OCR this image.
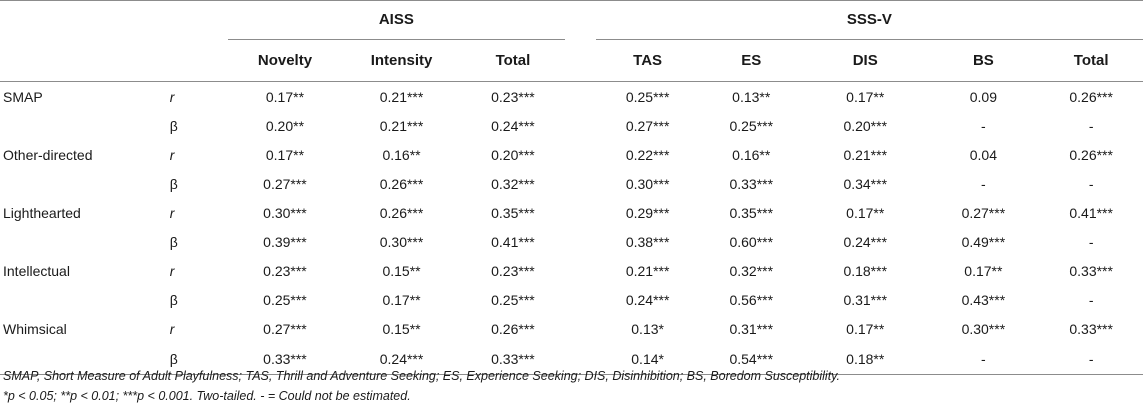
		AISS				SSS-V				
		Novelty	Intensity	Total		TAS	ES	DIS	BS	Total
SMAP	r	0.17**	0.21***	0.23***		0.25***	0.13**	0.17**	0.09	0.26***
	β	0.20**	0.21***	0.24***		0.27***	0.25***	0.20***	-	-
Other-directed	r	0.17**	0.16**	0.20***		0.22***	0.16**	0.21***	0.04	0.26***
	β	0.27***	0.26***	0.32***		0.30***	0.33***	0.34***	-	-
Lighthearted	r	0.30***	0.26***	0.35***		0.29***	0.35***	0.17**	0.27***	0.41***
	β	0.39***	0.30***	0.41***		0.38***	0.60***	0.24***	0.49***	-
Intellectual	r	0.23***	0.15**	0.23***		0.21***	0.32***	0.18***	0.17**	0.33***
	β	0.25***	0.17**	0.25***		0.24***	0.56***	0.31***	0.43***	-
Whimsical	r	0.27***	0.15**	0.26***		0.13*	0.31***	0.17**	0.30***	0.33***
	β	0.33***	0.24***	0.33***		0.14*	0.54***	0.18**	-	-
SMAP, Short Measure of Adult Playfulness; TAS, Thrill and Adventure Seeking; ES, Experience Seeking; DIS, Disinhibition; BS, Boredom Susceptibility.
*p < 0.05; **p < 0.01; ***p < 0.001. Two-tailed. - = Could not be estimated.
